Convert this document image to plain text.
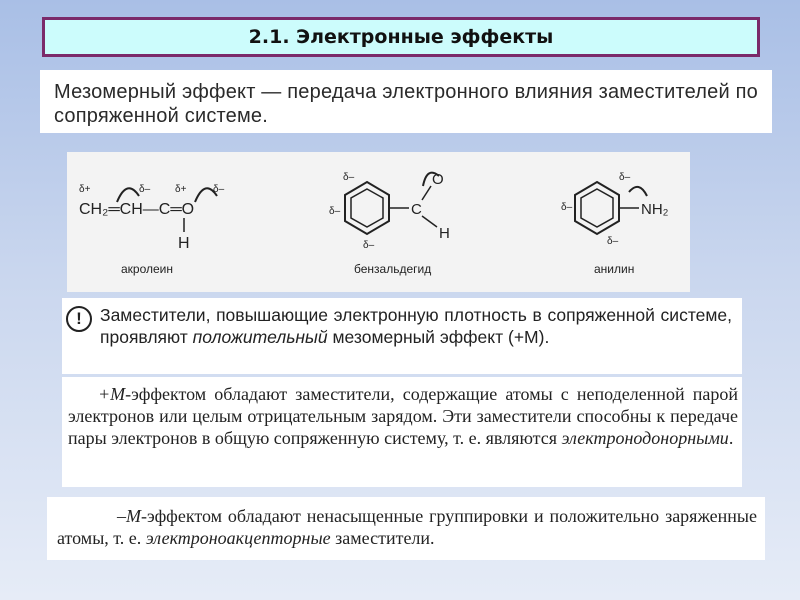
2.1. Электронные эффекты
Мезомерный эффект — передача электронного влияния заместителей по сопряженной системе.
δ+	δ– δ+	δ–
CH₂═CH—C═O
H
акролеин
C
O
H
δ–
δ–
δ–
бензальдегид
NH₂
δ–
δ–
δ–
анилин
!	Заместители, повышающие электронную плотность в сопряженной системе, проявляют положительный мезомерный эффект (+М).
+М-эффектом обладают заместители, содержащие атомы с неподеленной парой электронов или целым отрицательным зарядом. Эти заместители способны к передаче пары электронов в общую сопряженную систему, т. е. являются электронодонорными.
–М-эффектом обладают ненасыщенные группировки и положительно заряженные атомы, т. е. электроноакцепторные заместители.
